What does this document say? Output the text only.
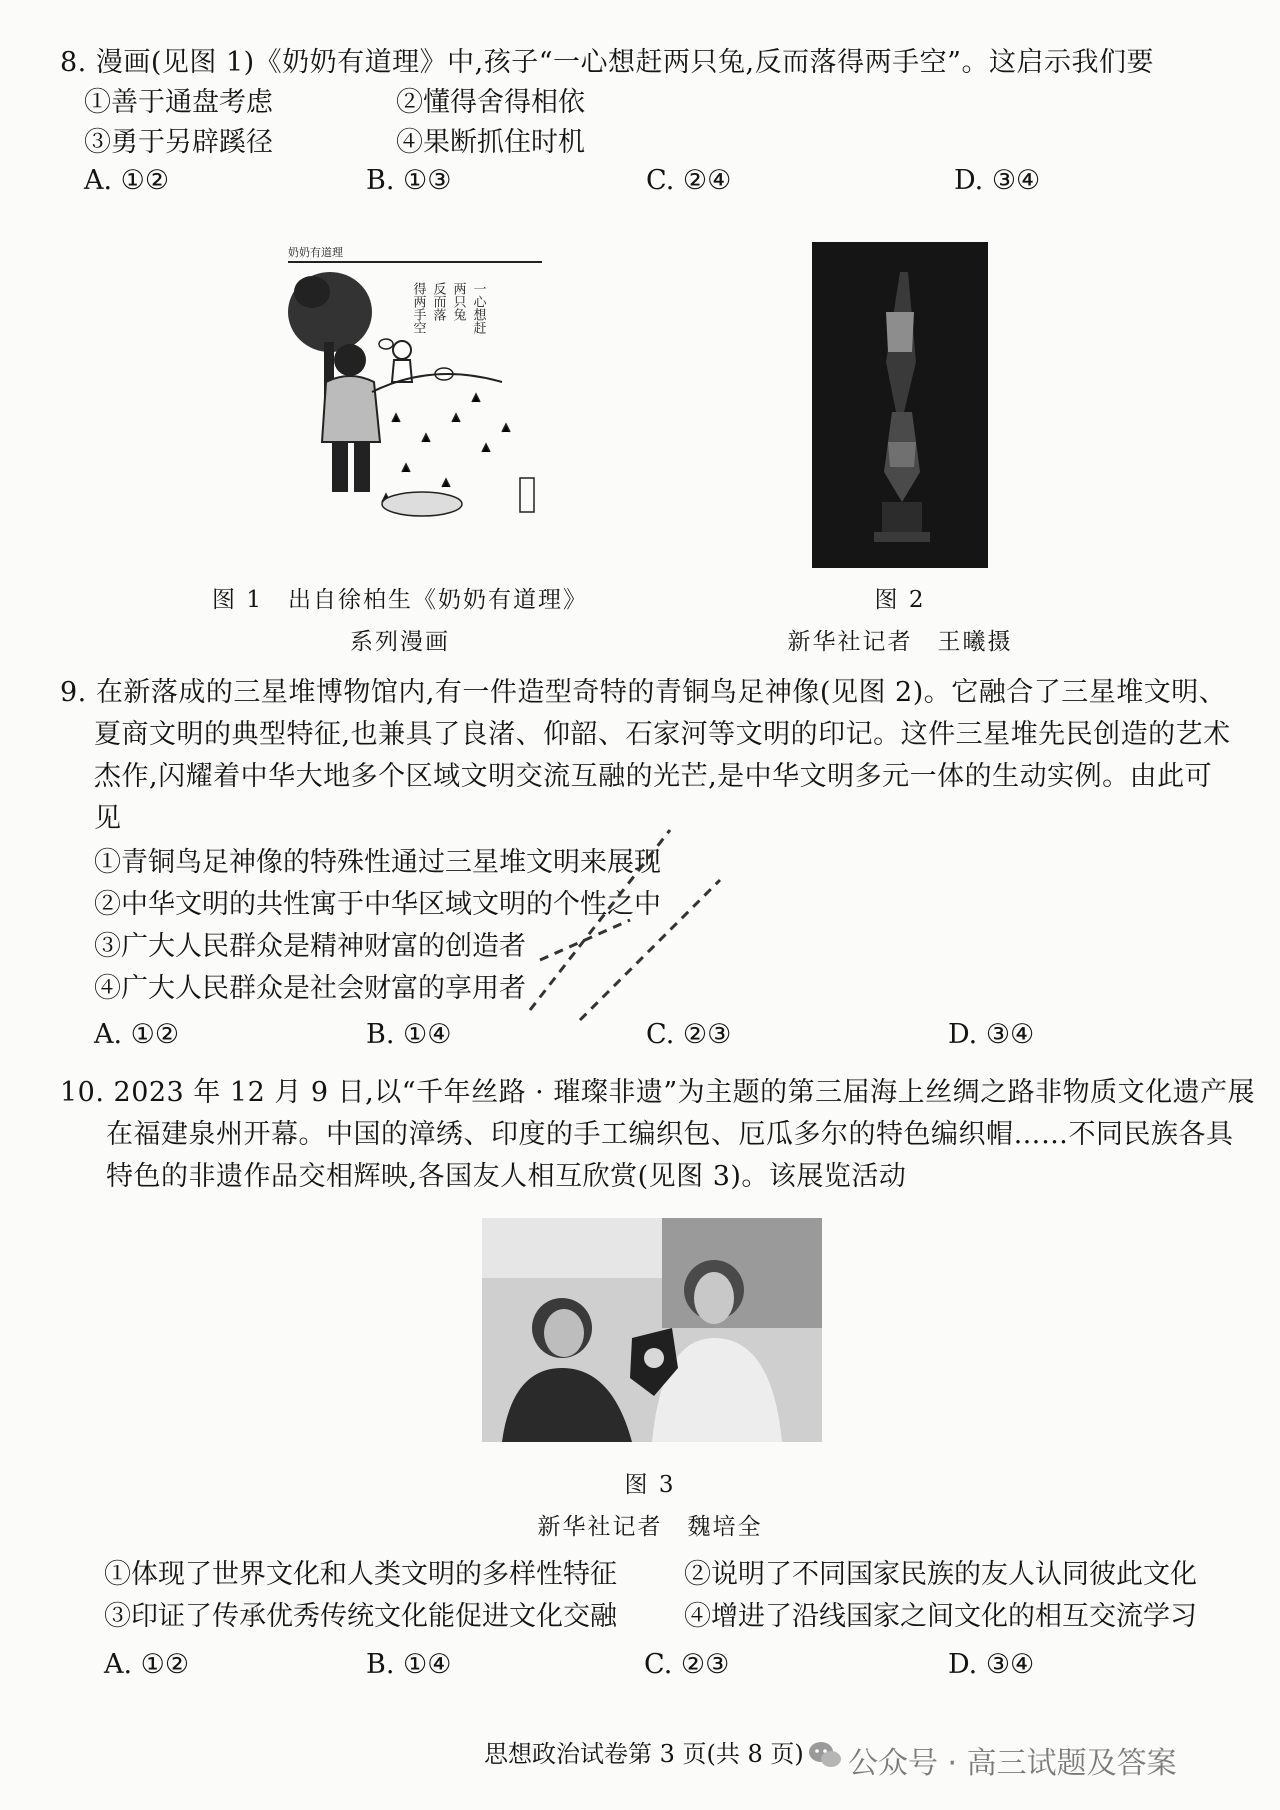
8. 漫画(见图 1)《奶奶有道理》中,孩子“一心想赶两只兔,反而落得两手空”。这启示我们要
①善于通盘考虑	②懂得舍得相依
③勇于另辟蹊径	④果断抓住时机
A. ①②	B. ①③	C. ②④	D. ③④
奶奶有道理
一心想赶
两只兔
反而落
得两手空
图 1　出自徐柏生《奶奶有道理》
系列漫画
图 2
新华社记者　王曦摄
9. 在新落成的三星堆博物馆内,有一件造型奇特的青铜鸟足神像(见图 2)。它融合了三星堆文明、
夏商文明的典型特征,也兼具了良渚、仰韶、石家河等文明的印记。这件三星堆先民创造的艺术
杰作,闪耀着中华大地多个区域文明交流互融的光芒,是中华文明多元一体的生动实例。由此可
见
①青铜鸟足神像的特殊性通过三星堆文明来展现
②中华文明的共性寓于中华区域文明的个性之中
③广大人民群众是精神财富的创造者
④广大人民群众是社会财富的享用者
A. ①②	B. ①④	C. ②③	D. ③④
10. 2023 年 12 月 9 日,以“千年丝路 · 璀璨非遗”为主题的第三届海上丝绸之路非物质文化遗产展
在福建泉州开幕。中国的漳绣、印度的手工编织包、厄瓜多尔的特色编织帽……不同民族各具
特色的非遗作品交相辉映,各国友人相互欣赏(见图 3)。该展览活动
图 3
新华社记者　魏培全
①体现了世界文化和人类文明的多样性特征 ②说明了不同国家民族的友人认同彼此文化
③印证了传承优秀传统文化能促进文化交融 ④增进了沿线国家之间文化的相互交流学习
A. ①②	B. ①④	C. ②③	D. ③④
思想政治试卷第 3 页(共 8 页) 公众号 · 高三试题及答案
